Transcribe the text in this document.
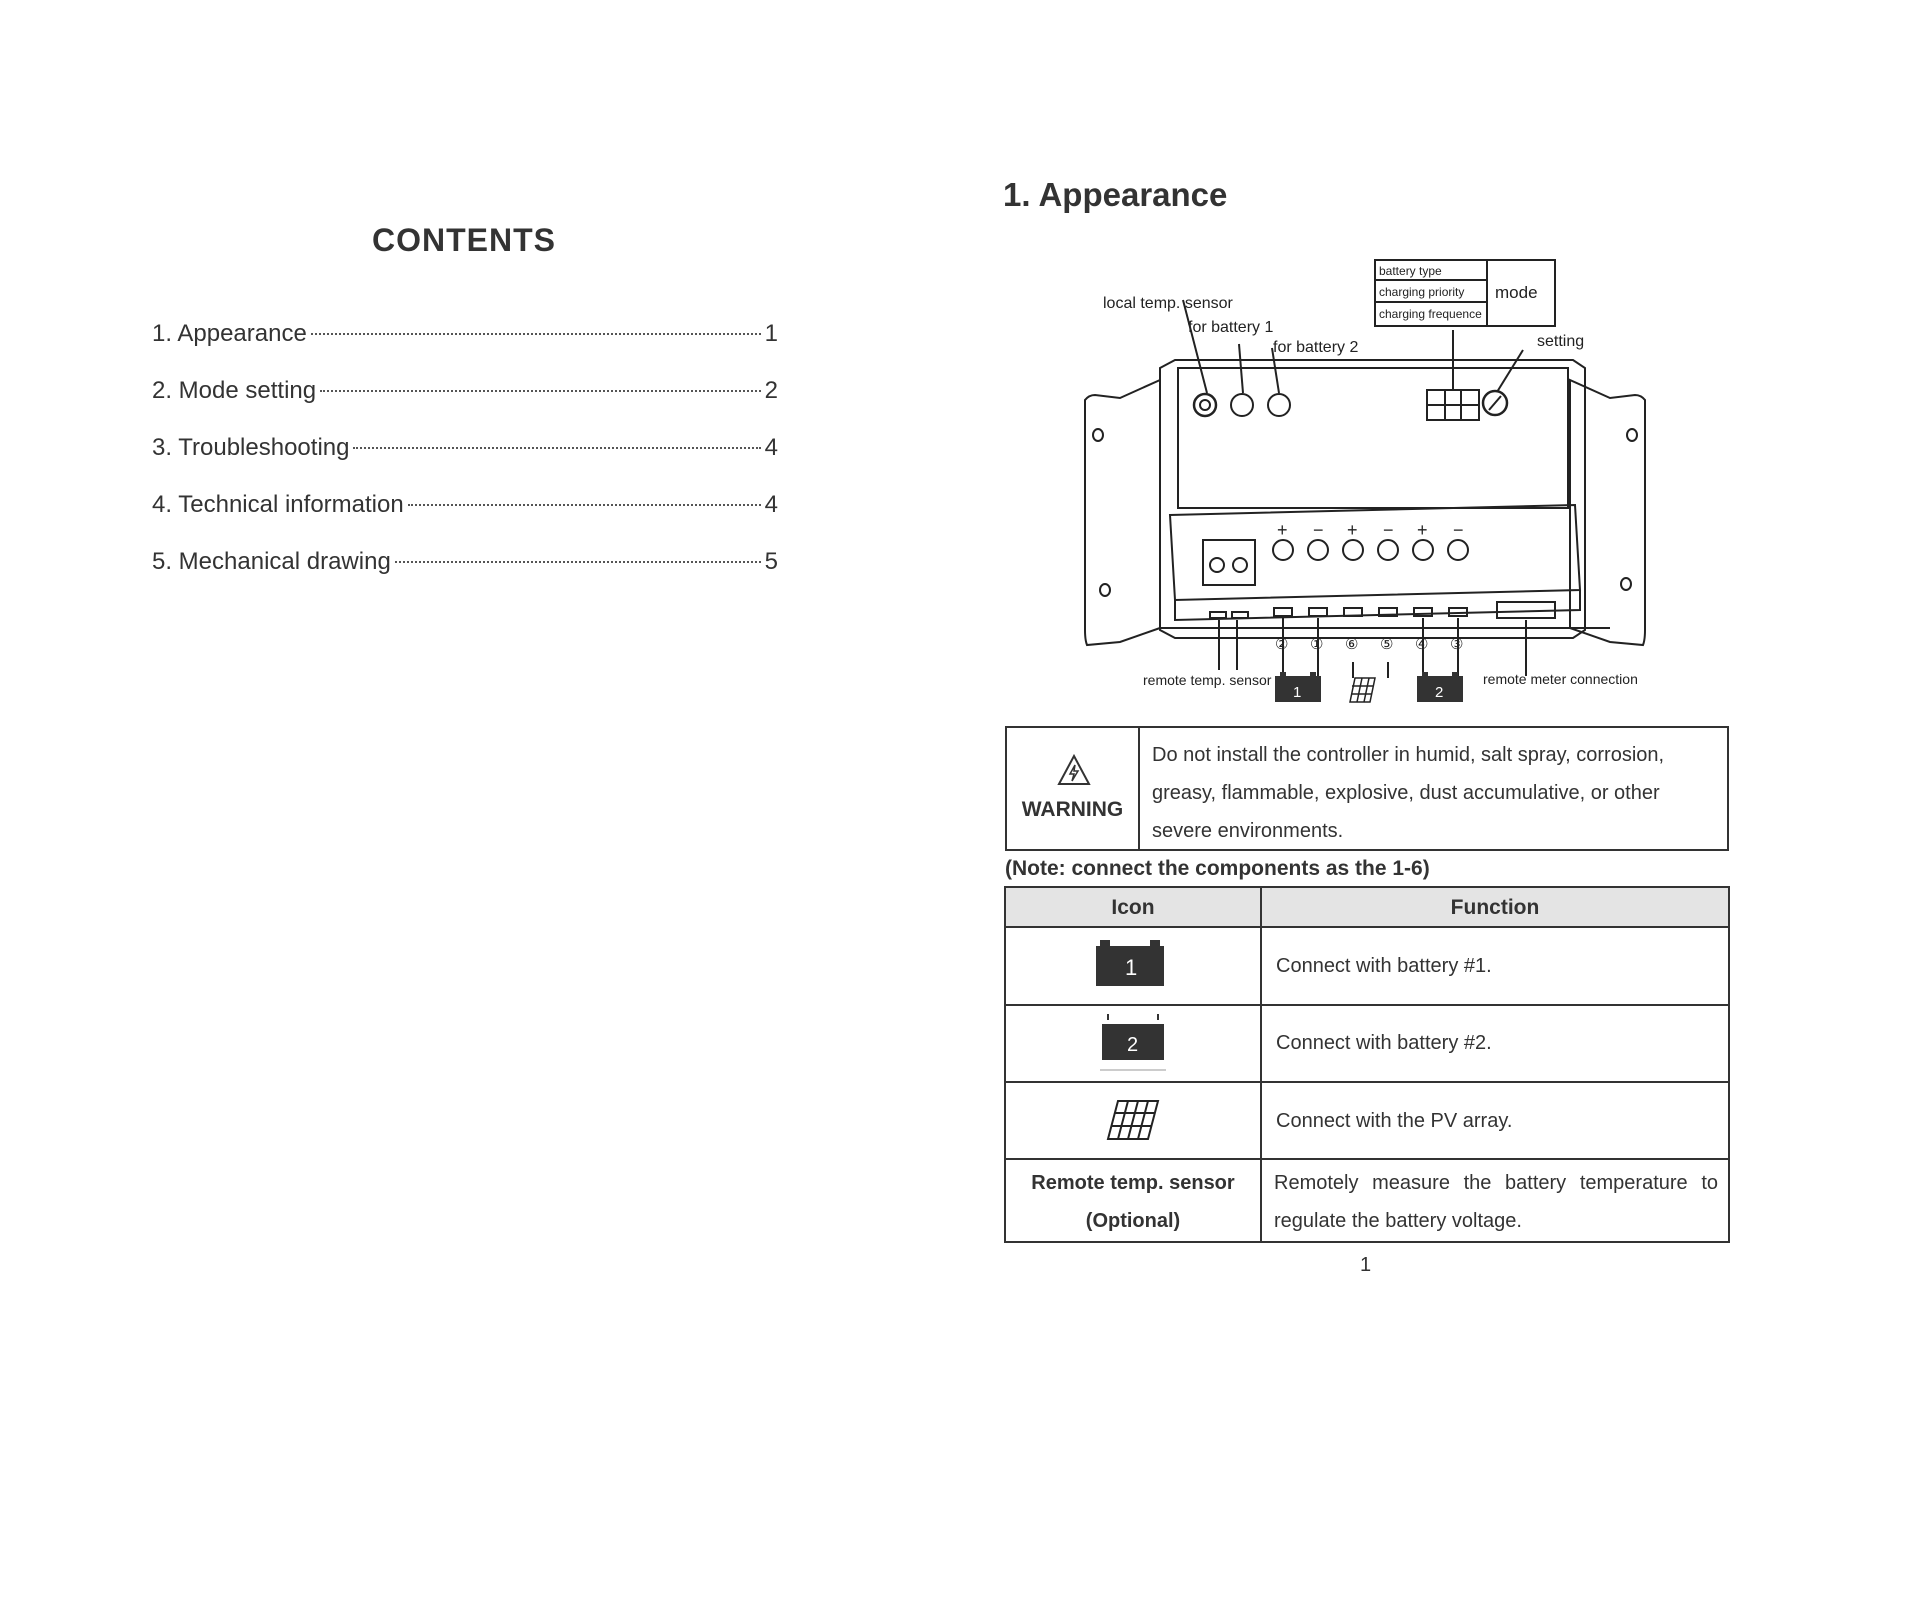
CONTENTS
1. Appearance	1
2. Mode setting	2
3. Troubleshooting	4
4. Technical information	4
5. Mechanical drawing	5
1. Appearance
battery type
charging priority
charging frequence
mode
local temp. sensor
for battery 1
for battery 2	setting
+ − + − + −
② ① ⑥ ⑤ ④ ③
remote temp. sensor	remote meter connection
1	2
WARNING
Do not install the controller in humid, salt spray, corrosion, greasy, flammable, explosive, dust accumulative, or other severe environments.
(Note: connect the components as the 1-6)
Icon	Function
1	Connect with battery #1.
2	Connect with battery #2.
Connect with the PV array.
Remote temp. sensor (Optional)
Remotely measure the battery temperature to regulate the battery voltage.
1
